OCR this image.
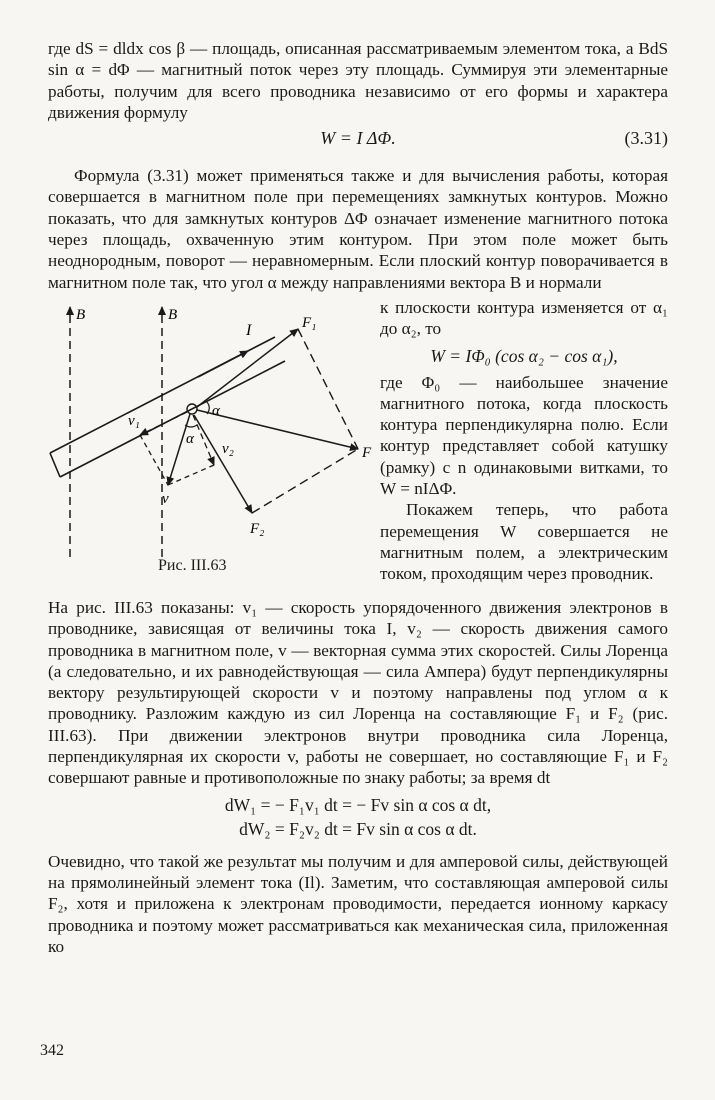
где dS = dldx cos β — площадь, описанная рассматриваемым элементом тока, а BdS sin α = dΦ — магнитный поток через эту площадь. Суммируя эти элементарные работы, получим для всего проводника независимо от его формы и характера движения формулу

W = I ΔΦ.	(3.31)

Формула (3.31) может применяться также и для вычисления работы, которая совершается в магнитном поле при перемещениях замкнутых контуров. Можно показать, что для замкнутых контуров ΔΦ означает изменение магнитного потока через площадь, охваченную этим контуром. При этом поле может быть неоднородным, поворот — неравномерным. Если плоский контур поворачивается в магнитном поле так, что угол α между направлениями вектора B и нормали

B	B
I	F₁
F
F₂
v
v₁
v₂
α
α
Рис. III.63

к плоскости контура изменяется от α₁ до α₂, то

W = IΦ₀ (cos α₂ − cos α₁),

где Φ₀ — наибольшее значение магнитного потока, когда плоскость контура перпендикулярна полю. Если контур представляет собой катушку (рамку) с n одинаковыми витками, то W = nIΔΦ.

Покажем теперь, что работа перемещения W совершается не магнитным полем, а электрическим током, проходящим через проводник.

На рис. III.63 показаны: v₁ — скорость упорядоченного движения электронов в проводнике, зависящая от величины тока I, v₂ — скорость движения самого проводника в магнитном поле, v — векторная сумма этих скоростей. Силы Лоренца (а следовательно, и их равнодействующая — сила Ампера) будут перпендикулярны вектору результирующей скорости v и поэтому направлены под углом α к проводнику. Разложим каждую из сил Лоренца на составляющие F₁ и F₂ (рис. III.63). При движении электронов внутри проводника сила Лоренца, перпендикулярная их скорости v, работы не совершает, но составляющие F₁ и F₂ совершают равные и противоположные по знаку работы; за время dt

dW₁ = − F₁v₁ dt = − Fv sin α cos α dt,
dW₂ = F₂v₂ dt = Fv sin α cos α dt.

Очевидно, что такой же результат мы получим и для амперовой силы, действующей на прямолинейный элемент тока (Il). Заметим, что составляющая амперовой силы F₂, хотя и приложена к электронам проводимости, передается ионному каркасу проводника и поэтому может рассматриваться как механическая сила, приложенная ко

342
